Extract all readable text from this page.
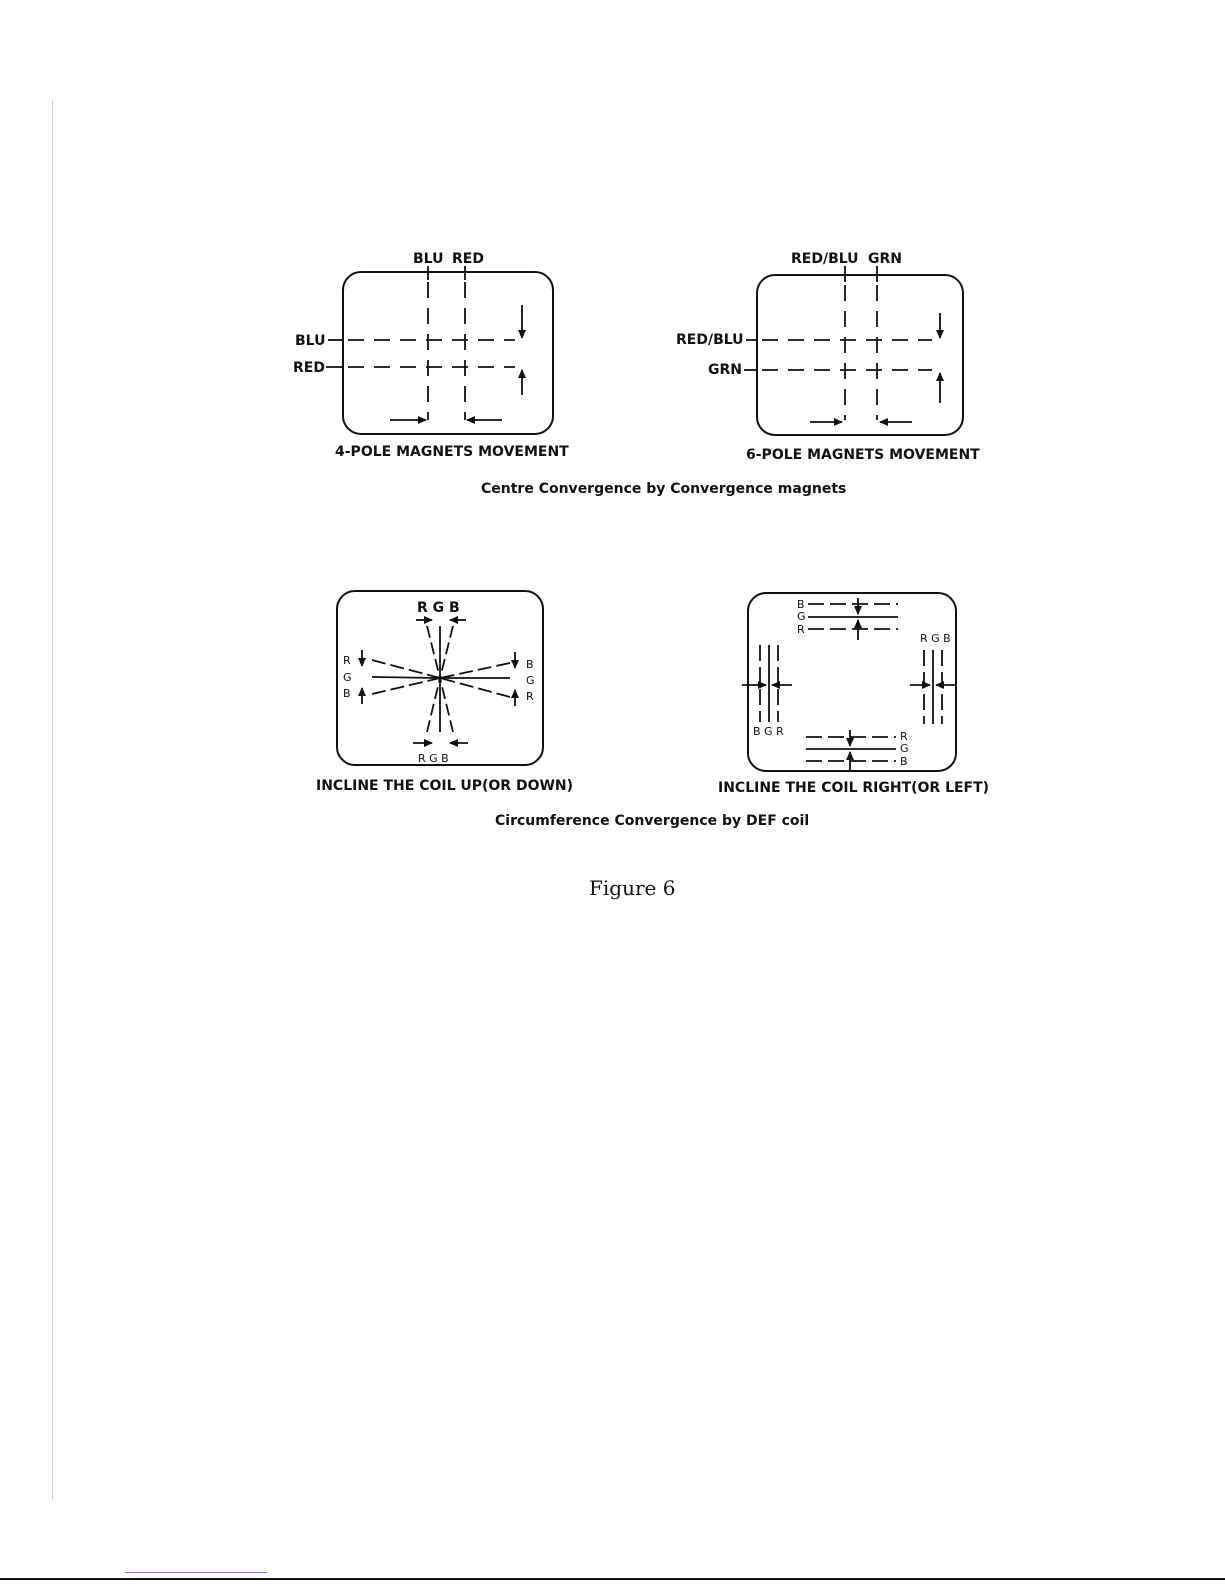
BLU RED
BLU
RED
4-POLE MAGNETS MOVEMENT
RED/BLU GRN
RED/BLU
GRN
6-POLE MAGNETS MOVEMENT
Centre Convergence by Convergence magnets
R G B
R G B
R
G
B
B
G
R
INCLINE THE COIL UP(OR DOWN)
B
G
R
R
G
B
B G R
R G B
INCLINE THE COIL RIGHT(OR LEFT)
Circumference Convergence by DEF coil
Figure 6
